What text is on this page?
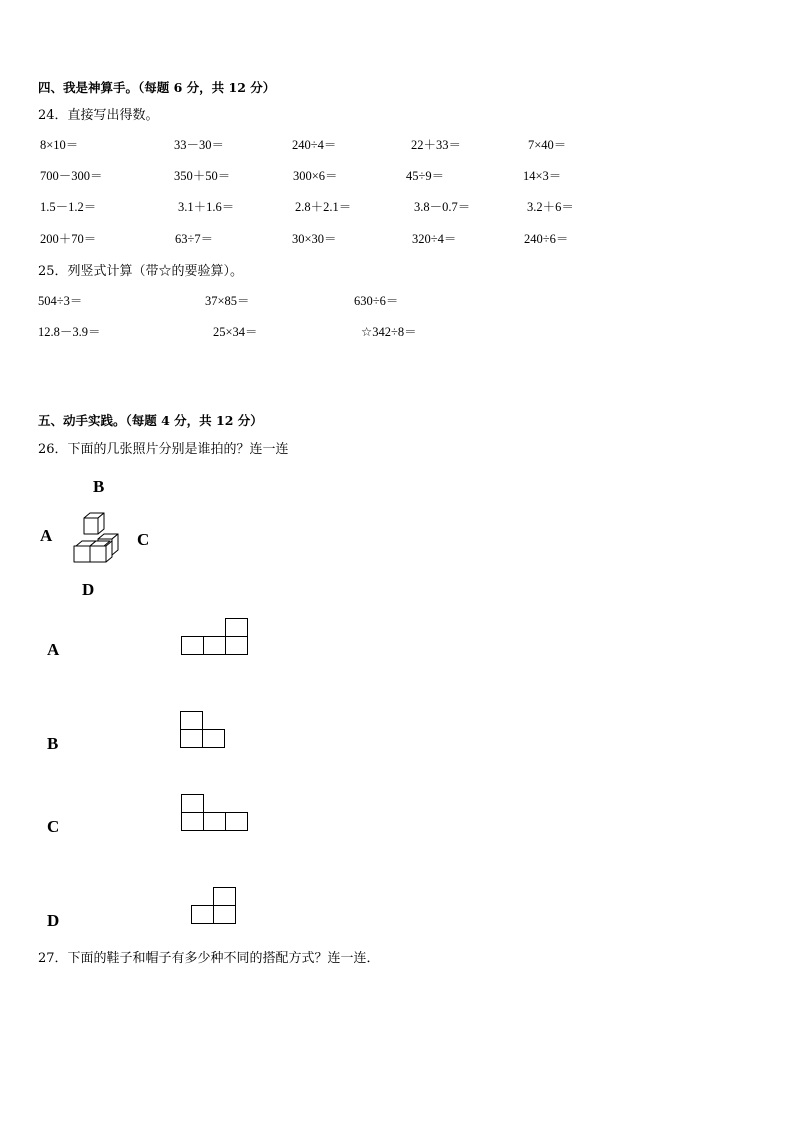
四、我是神算手。（每题 6 分，共 12 分）
24．直接写出得数。
8×10＝	33－30＝	240÷4＝	22＋33＝	7×40＝
700－300＝	350＋50＝	300×6＝	45÷9＝	14×3＝
1.5－1.2＝	3.1＋1.6＝	2.8＋2.1＝	3.8－0.7＝	3.2＋6＝
200＋70＝	63÷7＝	30×30＝	320÷4＝	240÷6＝
25．列竖式计算（带☆的要验算）。
504÷3＝	37×85＝	630÷6＝
12.8－3.9＝	25×34＝	☆342÷8＝
五、动手实践。（每题 4 分，共 12 分）
26．下面的几张照片分别是谁拍的？连一连
B
A	C
D
A
B
C
D
27．下面的鞋子和帽子有多少种不同的搭配方式？连一连．
